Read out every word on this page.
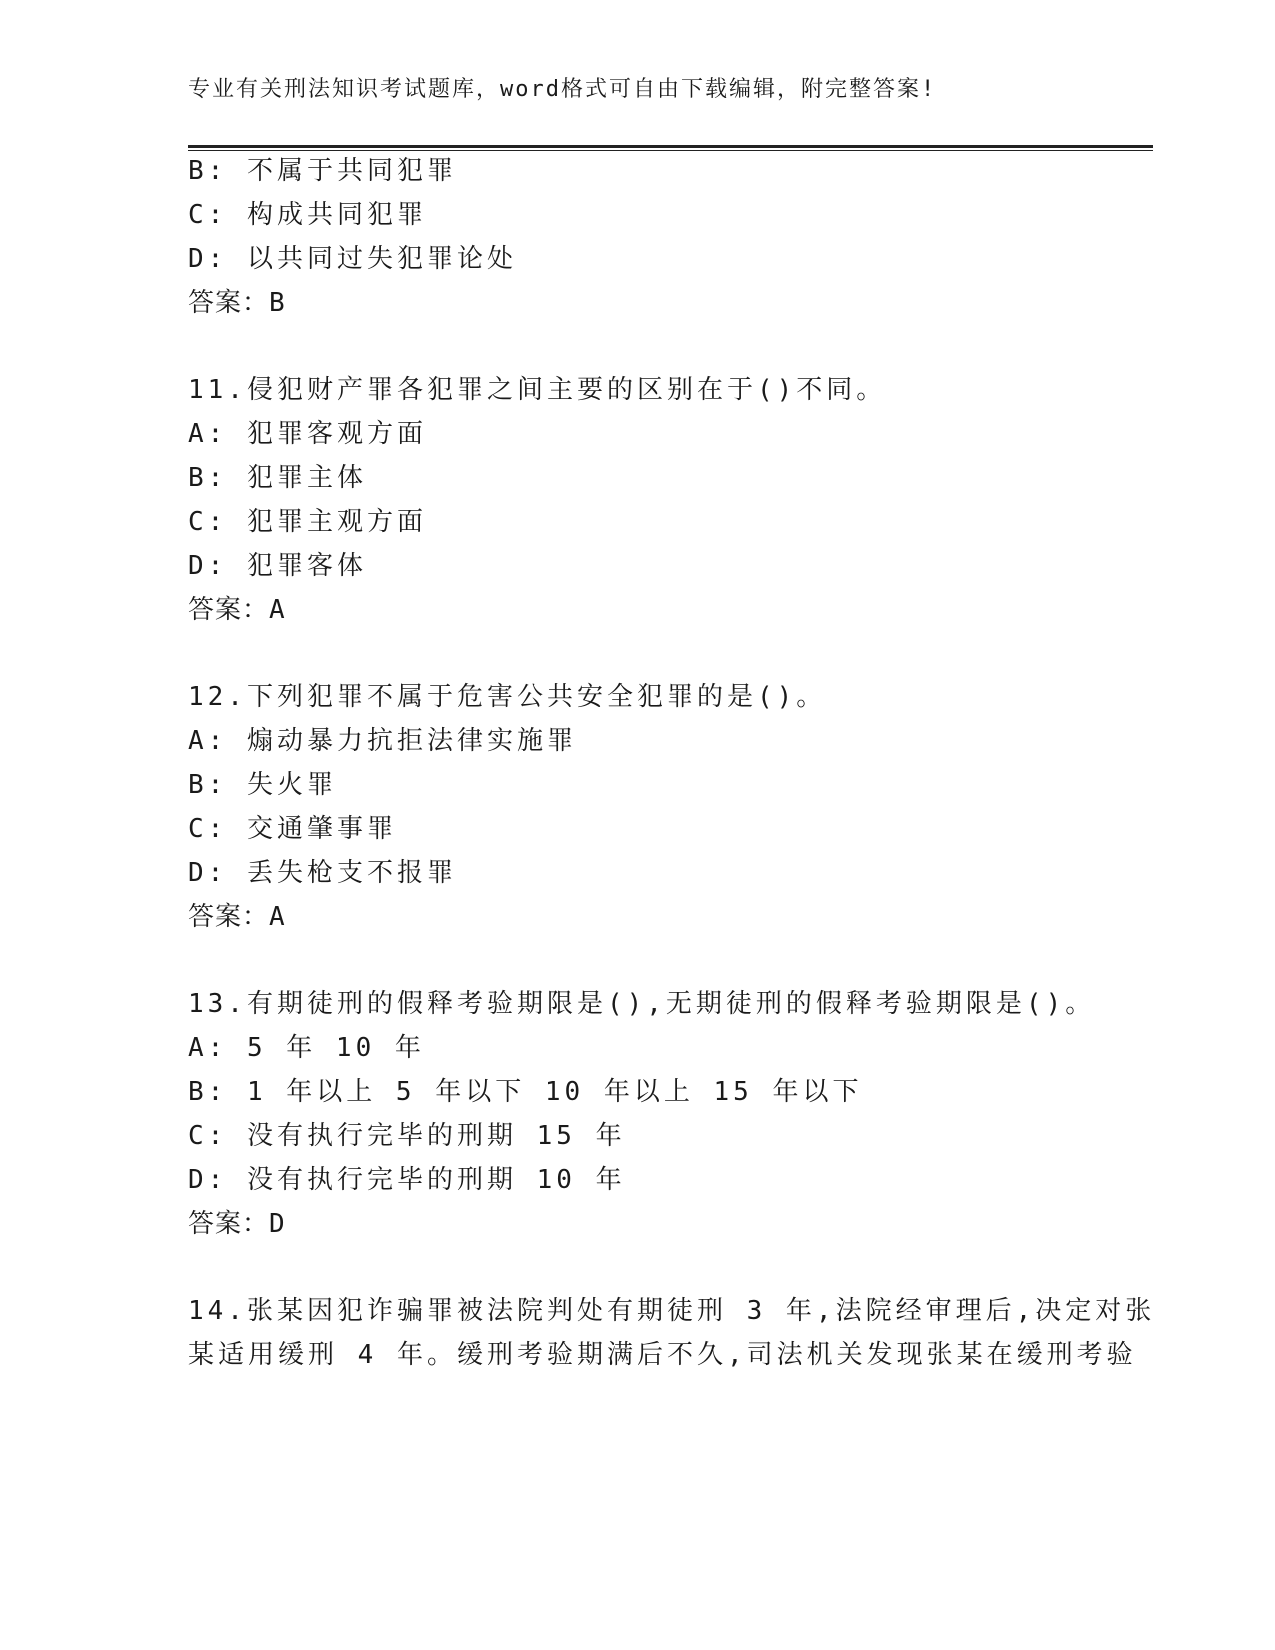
专业有关刑法知识考试题库，word格式可自由下载编辑，附完整答案!
B: 不属于共同犯罪
C: 构成共同犯罪
D: 以共同过失犯罪论处
答案：B
11.侵犯财产罪各犯罪之间主要的区别在于()不同。
A: 犯罪客观方面
B: 犯罪主体
C: 犯罪主观方面
D: 犯罪客体
答案：A
12.下列犯罪不属于危害公共安全犯罪的是()。
A: 煽动暴力抗拒法律实施罪
B: 失火罪
C: 交通肇事罪
D: 丢失枪支不报罪
答案：A
13.有期徒刑的假释考验期限是(),无期徒刑的假释考验期限是()。
A: 5 年 10 年
B: 1 年以上 5 年以下 10 年以上 15 年以下
C: 没有执行完毕的刑期 15 年
D: 没有执行完毕的刑期 10 年
答案：D
14.张某因犯诈骗罪被法院判处有期徒刑 3 年,法院经审理后,决定对张
某适用缓刑 4 年。缓刑考验期满后不久,司法机关发现张某在缓刑考验
